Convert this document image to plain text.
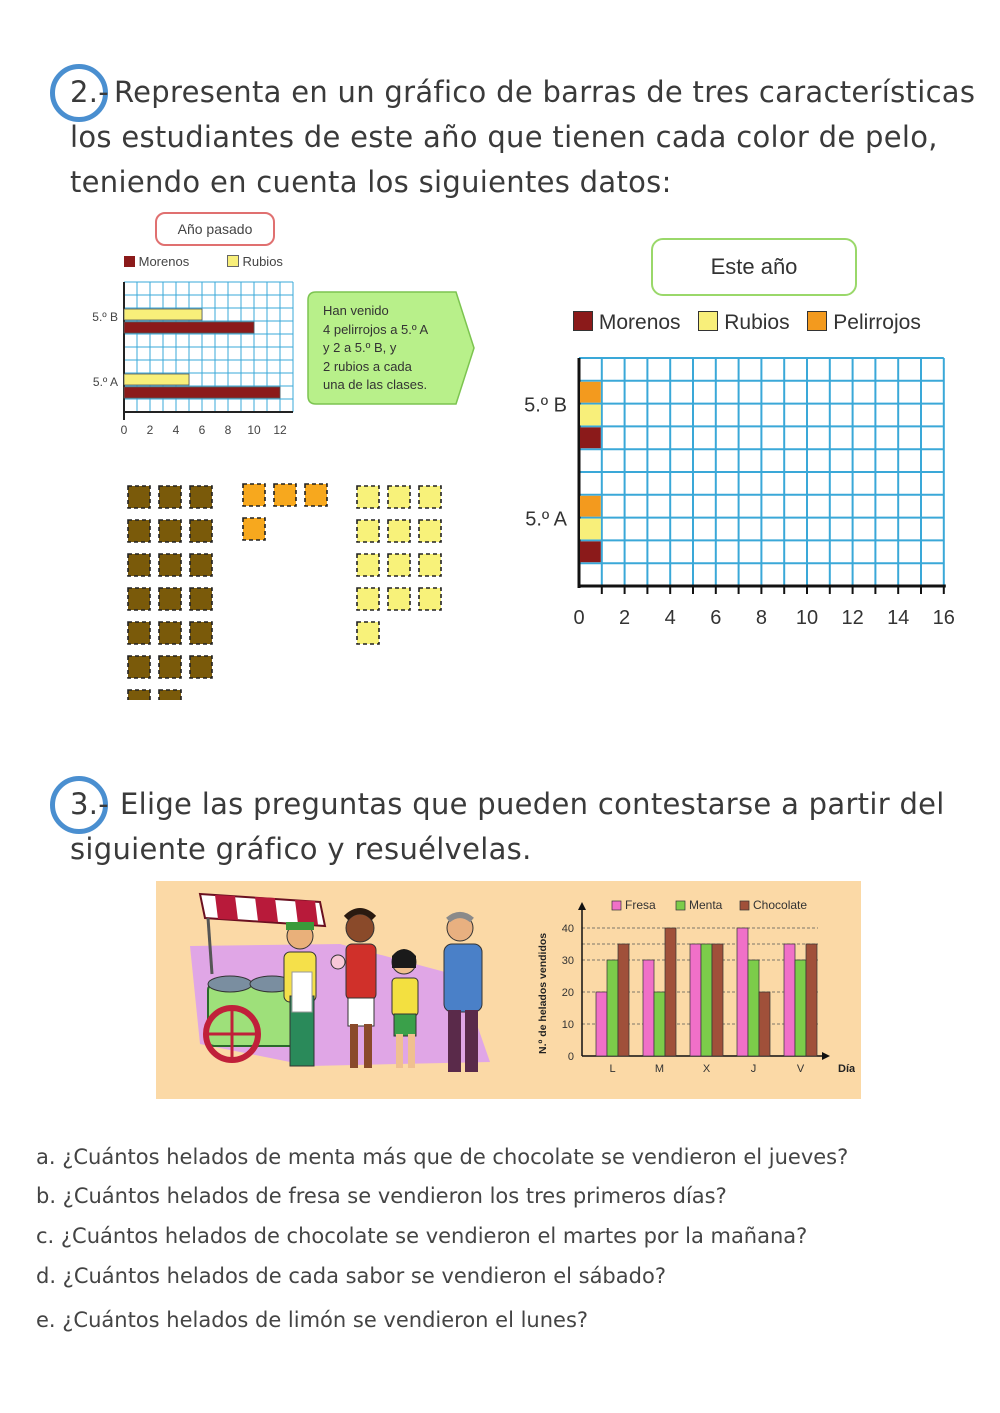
2.- Representa en un gráfico de barras de tres características
los estudiantes de este año que tienen cada color de pelo,
teniendo en cuenta los siguientes datos:
Año pasado
Morenos	Rubios
5.º A
5.º B
0 2 4 6 8 10 12
Han venido
4 pelirrojos a 5.º A
y 2 a 5.º B, y
2 rubios a cada
una de las clases.
Este año
Morenos Rubios Pelirrojos
5.º A
5.º B
0 2 4 6 8 10 12 14 16
3.- Elige las preguntas que pueden contestarse a partir del
siguiente gráfico y resuélvelas.
Fresa	Menta	Chocolate
0
10
20
30
40
L	M	X	J	V	Día
N.º de helados vendidos
a. ¿Cuántos helados de menta más que de chocolate se vendieron el jueves?
b. ¿Cuántos helados de fresa se vendieron los tres primeros días?
c. ¿Cuántos helados de chocolate se vendieron el martes por la mañana?
d. ¿Cuántos helados de cada sabor se vendieron el sábado?
e. ¿Cuántos helados de limón se vendieron el lunes?
